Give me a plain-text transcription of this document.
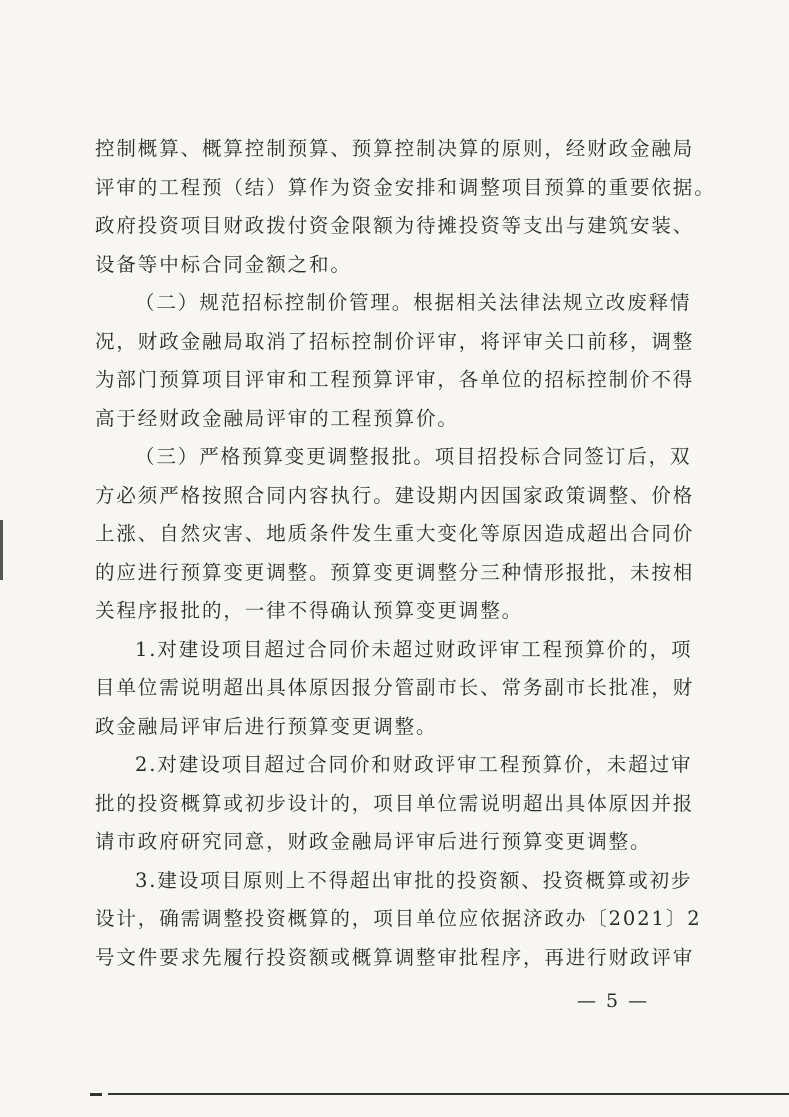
控制概算、概算控制预算、预算控制决算的原则，经财政金融局
评审的工程预（结）算作为资金安排和调整项目预算的重要依据。
政府投资项目财政拨付资金限额为待摊投资等支出与建筑安装、
设备等中标合同金额之和。
（二）规范招标控制价管理。根据相关法律法规立改废释情
况，财政金融局取消了招标控制价评审，将评审关口前移，调整
为部门预算项目评审和工程预算评审，各单位的招标控制价不得
高于经财政金融局评审的工程预算价。
（三）严格预算变更调整报批。项目招投标合同签订后，双
方必须严格按照合同内容执行。建设期内因国家政策调整、价格
上涨、自然灾害、地质条件发生重大变化等原因造成超出合同价
的应进行预算变更调整。预算变更调整分三种情形报批，未按相
关程序报批的，一律不得确认预算变更调整。
1.对建设项目超过合同价未超过财政评审工程预算价的，项
目单位需说明超出具体原因报分管副市长、常务副市长批准，财
政金融局评审后进行预算变更调整。
2.对建设项目超过合同价和财政评审工程预算价，未超过审
批的投资概算或初步设计的，项目单位需说明超出具体原因并报
请市政府研究同意，财政金融局评审后进行预算变更调整。
3.建设项目原则上不得超出审批的投资额、投资概算或初步
设计，确需调整投资概算的，项目单位应依据济政办〔2021〕2
号文件要求先履行投资额或概算调整审批程序，再进行财政评审
— 5 —
